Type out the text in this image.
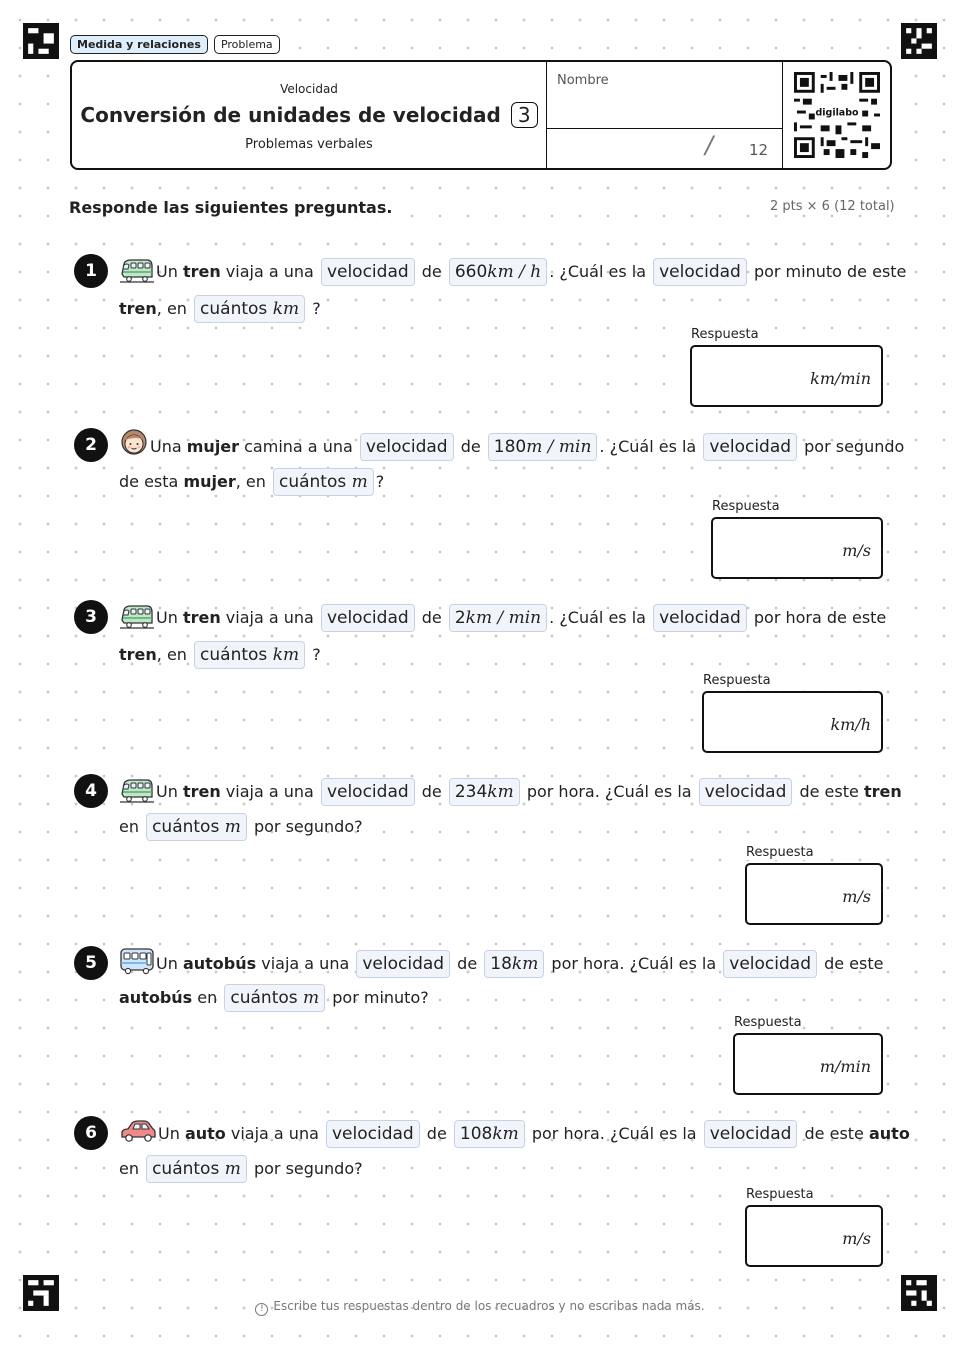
Medida y relaciones	Problema
Velocidad
Conversión de unidades de velocidad 3
Problemas verbales
Nombre
/ 12
digilabo
Responde las siguientes preguntas.	2 pts × 6 (12 total)
1	Un tren viaja a una velocidad de 660km / h . ¿Cuál es la velocidad por minuto de este
tren, en cuántos km ?
Respuesta
km/min
2	Una mujer camina a una velocidad de 180m / min . ¿Cuál es la velocidad por segundo
de esta mujer, en cuántos m ?
Respuesta
m/s
3	Un tren viaja a una velocidad de 2km / min . ¿Cuál es la velocidad por hora de este
tren, en cuántos km ?
Respuesta
km/h
4	Un tren viaja a una velocidad de 234km por hora. ¿Cuál es la velocidad de este tren
en cuántos m por segundo?
Respuesta
m/s
5	Un autobús viaja a una velocidad de 18km por hora. ¿Cuál es la velocidad de este
autobús en cuántos m por minuto?
Respuesta
m/min
6	Un auto viaja a una velocidad de 108km por hora. ¿Cuál es la velocidad de este auto
en cuántos m por segundo?
Respuesta
m/s
! Escribe tus respuestas dentro de los recuadros y no escribas nada más.
